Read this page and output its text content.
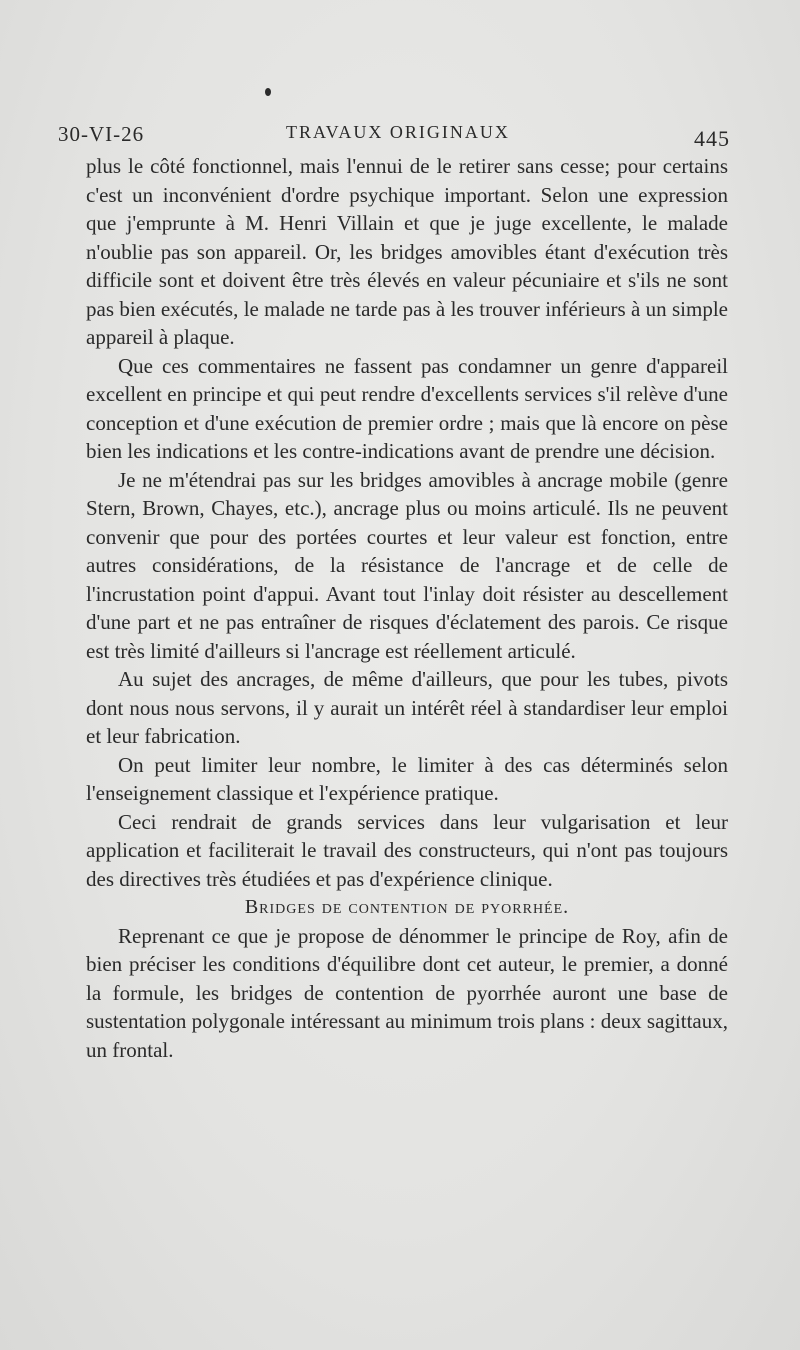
30-VI-26	TRAVAUX ORIGINAUX	445

plus le côté fonctionnel, mais l'ennui de le retirer sans cesse; pour certains c'est un inconvénient d'ordre psychique important. Selon une expression que j'emprunte à M. Henri Villain et que je juge excellente, le malade n'oublie pas son appareil. Or, les bridges amovibles étant d'exécution très difficile sont et doivent être très élevés en valeur pécuniaire et s'ils ne sont pas bien exécutés, le malade ne tarde pas à les trouver inférieurs à un simple appareil à plaque.

Que ces commentaires ne fassent pas condamner un genre d'appareil excellent en principe et qui peut rendre d'excellents services s'il relève d'une conception et d'une exécution de premier ordre ; mais que là encore on pèse bien les indications et les contre-indications avant de prendre une décision.

Je ne m'étendrai pas sur les bridges amovibles à ancrage mobile (genre Stern, Brown, Chayes, etc.), ancrage plus ou moins articulé. Ils ne peuvent convenir que pour des portées courtes et leur valeur est fonction, entre autres considérations, de la résistance de l'ancrage et de celle de l'incrustation point d'appui. Avant tout l'inlay doit résister au descellement d'une part et ne pas entraîner de risques d'éclatement des parois. Ce risque est très limité d'ailleurs si l'ancrage est réellement articulé.

Au sujet des ancrages, de même d'ailleurs, que pour les tubes, pivots dont nous nous servons, il y aurait un intérêt réel à standardiser leur emploi et leur fabrication.

On peut limiter leur nombre, le limiter à des cas déterminés selon l'enseignement classique et l'expérience pratique.

Ceci rendrait de grands services dans leur vulgarisation et leur application et faciliterait le travail des constructeurs, qui n'ont pas toujours des directives très étudiées et pas d'expérience clinique.

Bridges de contention de pyorrhée.

Reprenant ce que je propose de dénommer le principe de Roy, afin de bien préciser les conditions d'équilibre dont cet auteur, le premier, a donné la formule, les bridges de contention de pyorrhée auront une base de sustentation polygonale intéressant au minimum trois plans : deux sagittaux, un frontal.
